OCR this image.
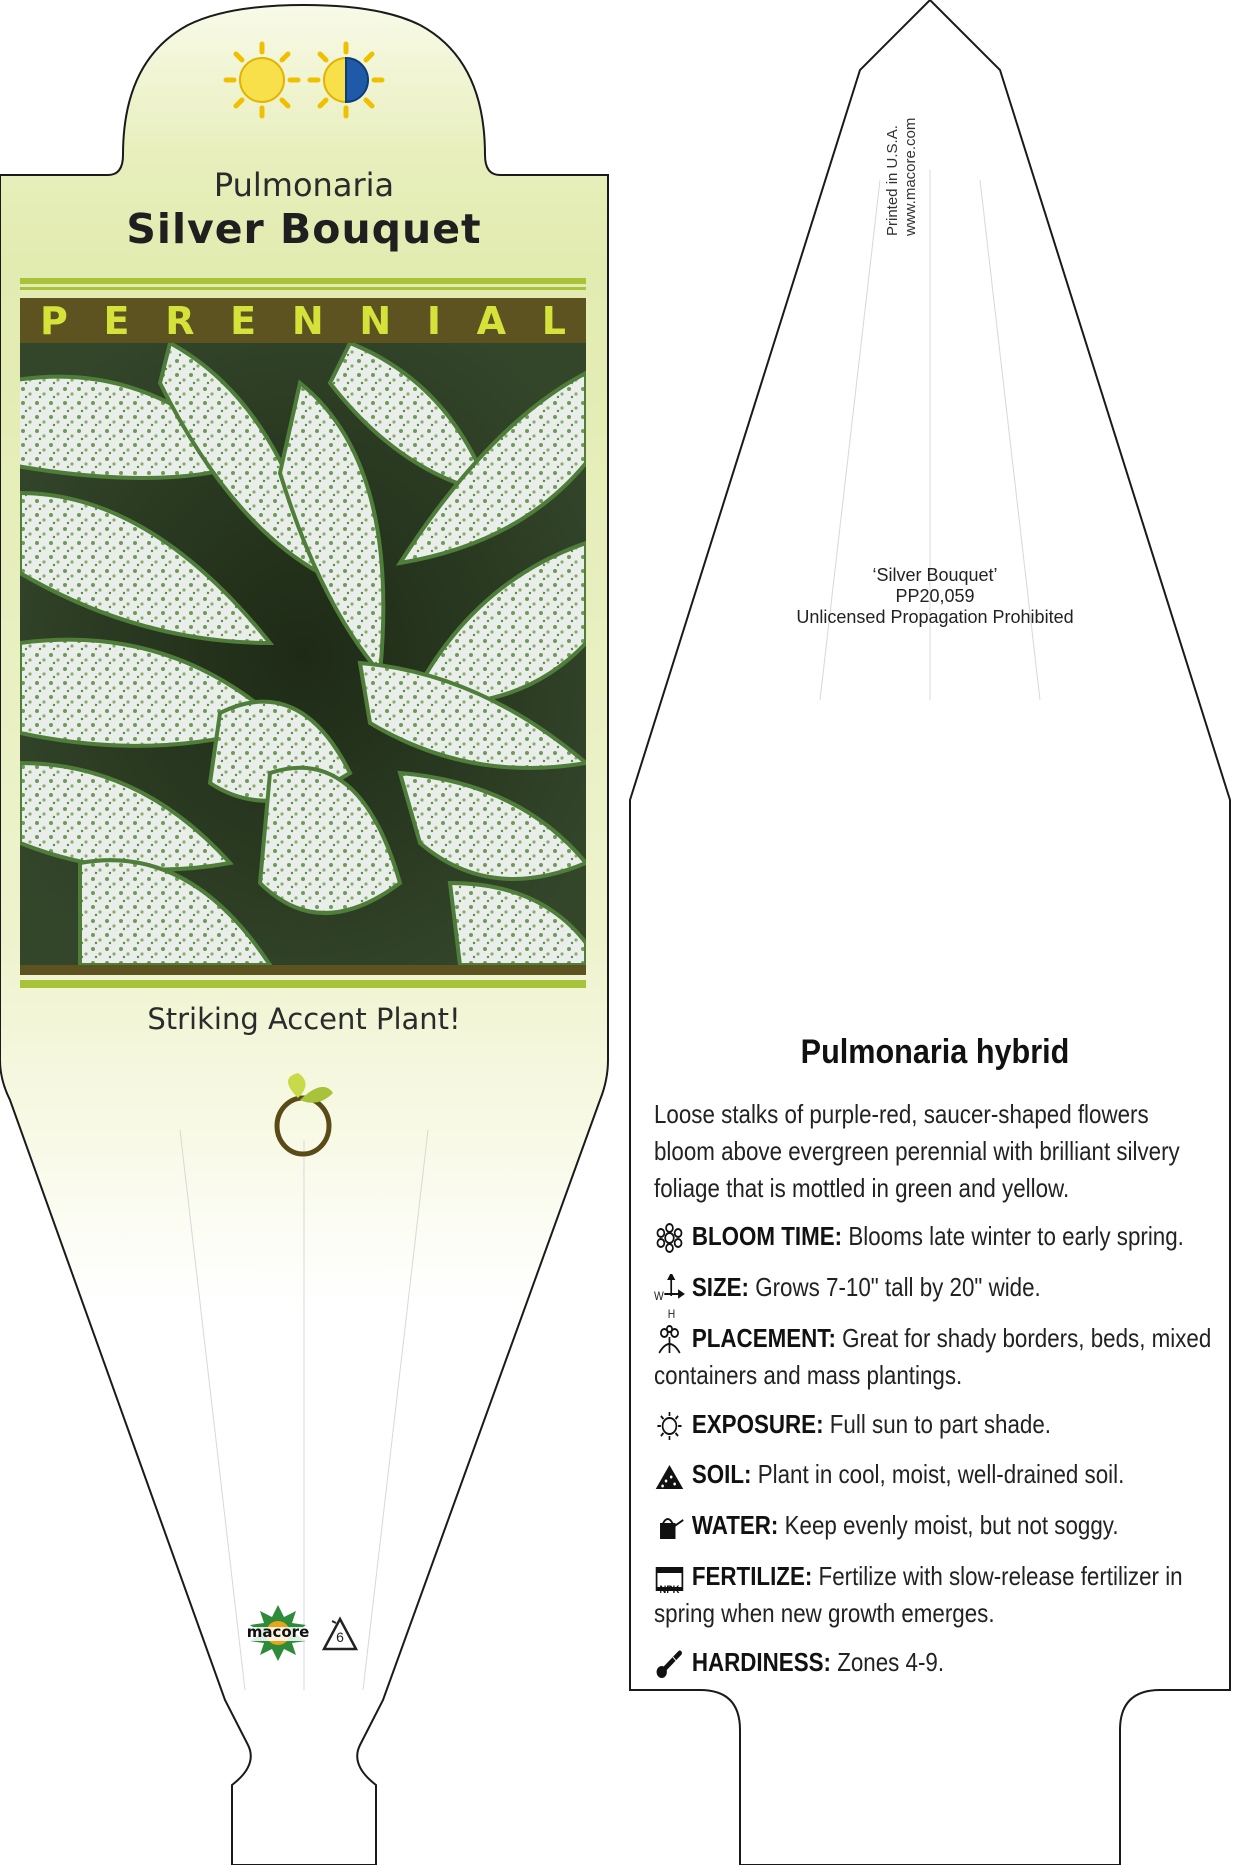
Pulmonaria
Silver Bouquet
P E R E N N I A L
Striking Accent Plant!
macore	6
Printed in U.S.A. www.macore.com
‘Silver Bouquet’
PP20,059
Unlicensed Propagation Prohibited
Pulmonaria hybrid

Loose stalks of purple-red, saucer-shaped flowers bloom above evergreen perennial with brilliant silvery foliage that is mottled in green and yellow.

BLOOM TIME: Blooms late winter to early spring.
W
H
SIZE: Grows 7-10" tall by 20" wide.
PLACEMENT: Great for shady borders, beds, mixed containers and mass plantings.
EXPOSURE: Full sun to part shade.
SOIL: Plant in cool, moist, well-drained soil.
WATER: Keep evenly moist, but not soggy.
NPK FERTILIZE: Fertilize with slow-release fertilizer in spring when new growth emerges.
HARDINESS: Zones 4-9.
